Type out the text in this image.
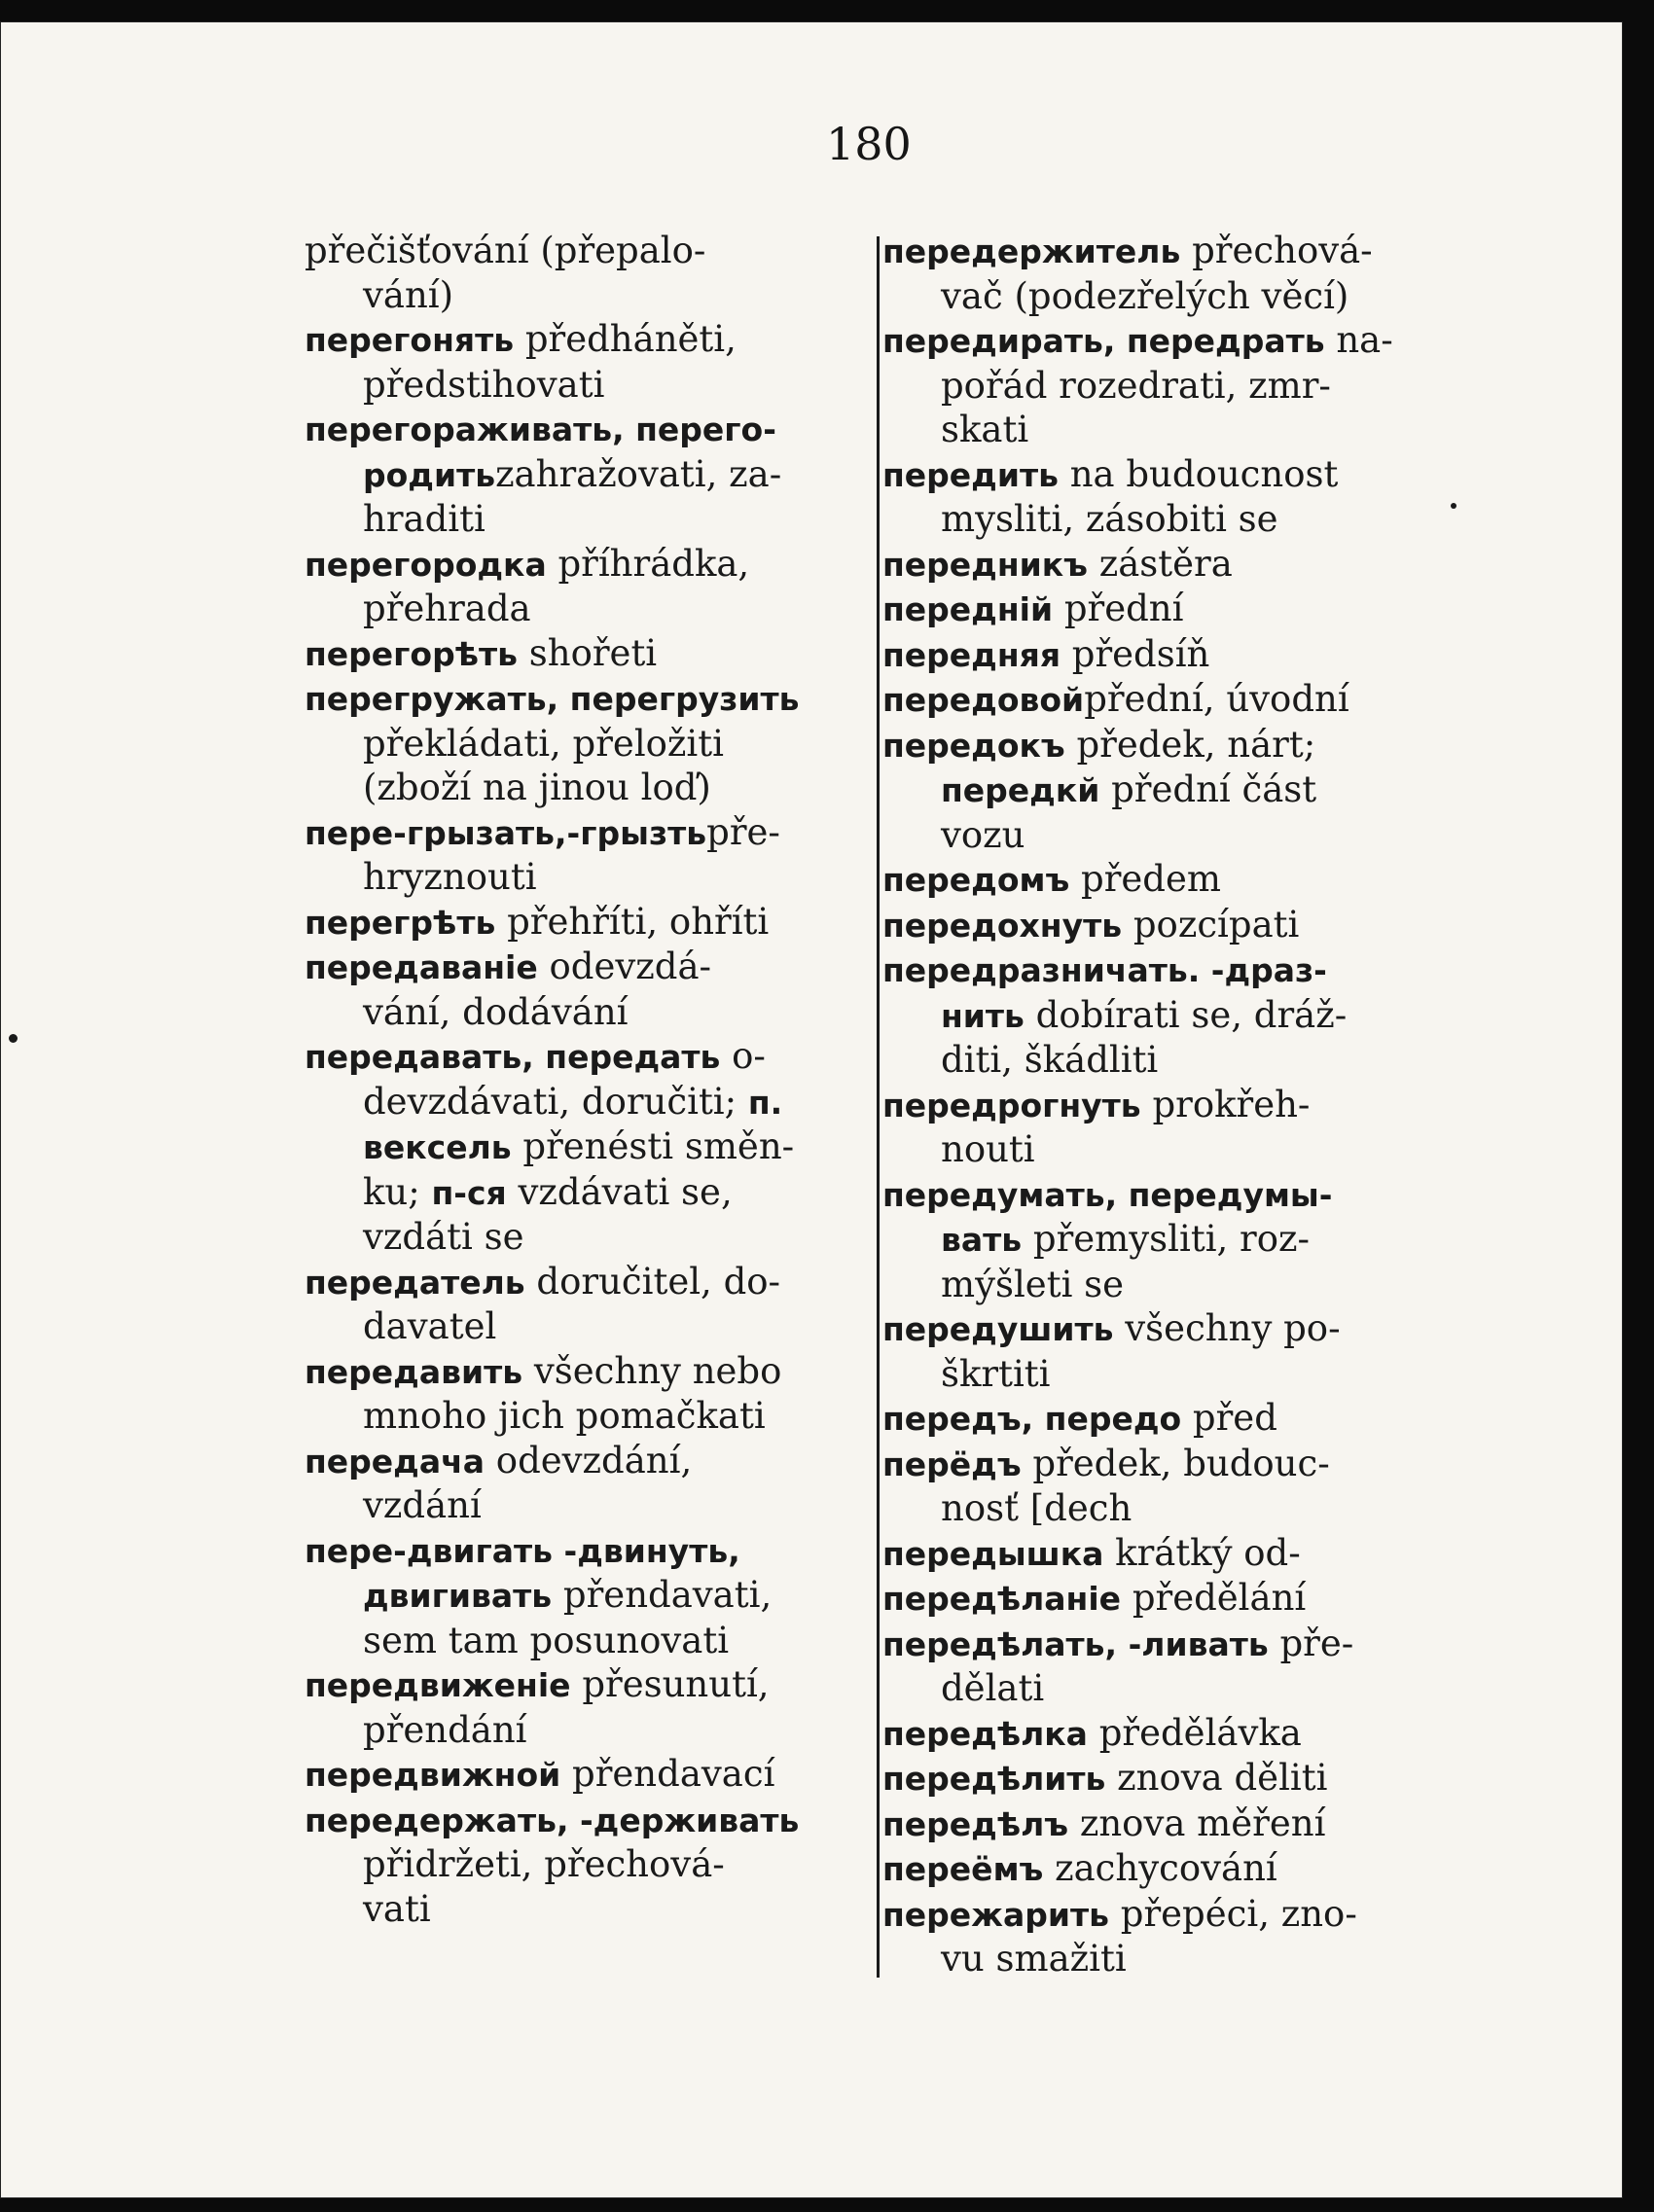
180
přečišťování (přepalo-
vání)
перегонять předháněti,
předstihovati
перегораживать, перего-
родитьzahražovati, za-
hraditi
перегородка příhrádka,
přehrada
перегорѣть shořeti
перегружать, перегрузить
překládati, přeložiti
(zboží na jinou loď)
пере-грызать,-грызтьpře-
hryznouti
перегрѣть přehříti, ohříti
передаваніе odevzdá-
vání, dodávání
передавать, передать o-
devzdávati, doručiti; п.
вексель přenésti směn-
ku; п-ся vzdávati se,
vzdáti se
передатель doručitel, do-
davatel
передавить všechny nebo
mnoho jich pomačkati
передача odevzdání,
vzdání
пере-двигать -двинуть,
двигивать přendavati,
sem tam posunovati
передвиженіе přesunutí,
přendání
передвижной přendavací
передержать, -держивать
přidržeti, přechová-
vati
передержитель přechová-
vač (podezřelých věcí)
передирать, передрать na-
pořád rozedrati, zmr-
skati
передить na budoucnost
mysliti, zásobiti se
передникъ zástěra
передній přední
передняя předsíň
передовойpřední, úvodní
передокъ předek, nárt;
передкй přední část
vozu
передомъ předem
передохнуть pozcípati
передразничать. -драз-
нить dobírati se, dráž-
diti, škádliti
передрогнуть prokřeh-
nouti
передумать, передумы-
вать přemysliti, roz-
mýšleti se
передушить všechny po-
škrtiti
передъ, передо před
перёдъ předek, budouc-
nosť [dech
передышка krátký od-
передѣланіе předělání
передѣлать, -ливать pře-
dělati
передѣлка předělávka
передѣлить znova děliti
передѣлъ znova měření
переёмъ zachycování
пережарить přepéci, zno-
vu smažiti
